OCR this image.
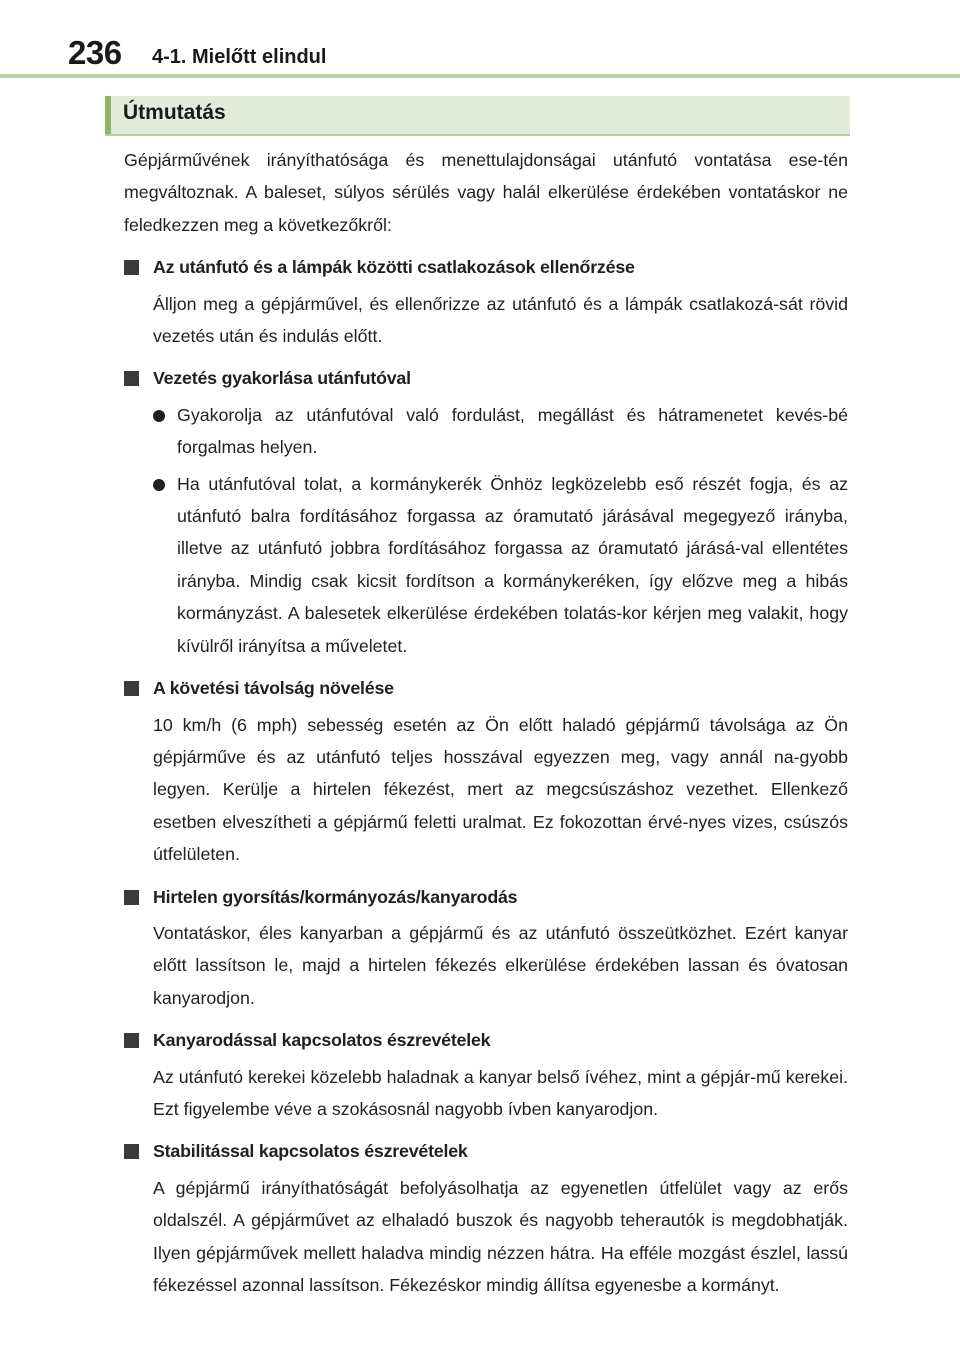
236 4-1. Mielőtt elindul
Útmutatás

Gépjárművének irányíthatósága és menettulajdonságai utánfutó vontatása ese-tén megváltoznak. A baleset, súlyos sérülés vagy halál elkerülése érdekében vontatáskor ne feledkezzen meg a következőkről:

Az utánfutó és a lámpák közötti csatlakozások ellenőrzése

Álljon meg a gépjárművel, és ellenőrizze az utánfutó és a lámpák csatlakozá-sát rövid vezetés után és indulás előtt.

Vezetés gyakorlása utánfutóval

Gyakorolja az utánfutóval való fordulást, megállást és hátramenetet kevés-bé forgalmas helyen.

Ha utánfutóval tolat, a kormánykerék Önhöz legközelebb eső részét fogja, és az utánfutó balra fordításához forgassa az óramutató járásával megegyező irányba, illetve az utánfutó jobbra fordításához forgassa az óramutató járásá-val ellentétes irányba. Mindig csak kicsit fordítson a kormánykeréken, így előzve meg a hibás kormányzást. A balesetek elkerülése érdekében tolatás-kor kérjen meg valakit, hogy kívülről irányítsa a műveletet.

A követési távolság növelése

10 km/h (6 mph) sebesség esetén az Ön előtt haladó gépjármű távolsága az Ön gépjárműve és az utánfutó teljes hosszával egyezzen meg, vagy annál na-gyobb legyen. Kerülje a hirtelen fékezést, mert az megcsúszáshoz vezethet. Ellenkező esetben elveszítheti a gépjármű feletti uralmat. Ez fokozottan érvé-nyes vizes, csúszós útfelületen.

Hirtelen gyorsítás/kormányozás/kanyarodás

Vontatáskor, éles kanyarban a gépjármű és az utánfutó összeütközhet. Ezért kanyar előtt lassítson le, majd a hirtelen fékezés elkerülése érdekében lassan és óvatosan kanyarodjon.

Kanyarodással kapcsolatos észrevételek

Az utánfutó kerekei közelebb haladnak a kanyar belső ívéhez, mint a gépjár-mű kerekei. Ezt figyelembe véve a szokásosnál nagyobb ívben kanyarodjon.

Stabilitással kapcsolatos észrevételek

A gépjármű irányíthatóságát befolyásolhatja az egyenetlen útfelület vagy az erős oldalszél. A gépjárművet az elhaladó buszok és nagyobb teherautók is megdobhatják. Ilyen gépjárművek mellett haladva mindig nézzen hátra. Ha efféle mozgást észlel, lassú fékezéssel azonnal lassítson. Fékezéskor mindig állítsa egyenesbe a kormányt.
